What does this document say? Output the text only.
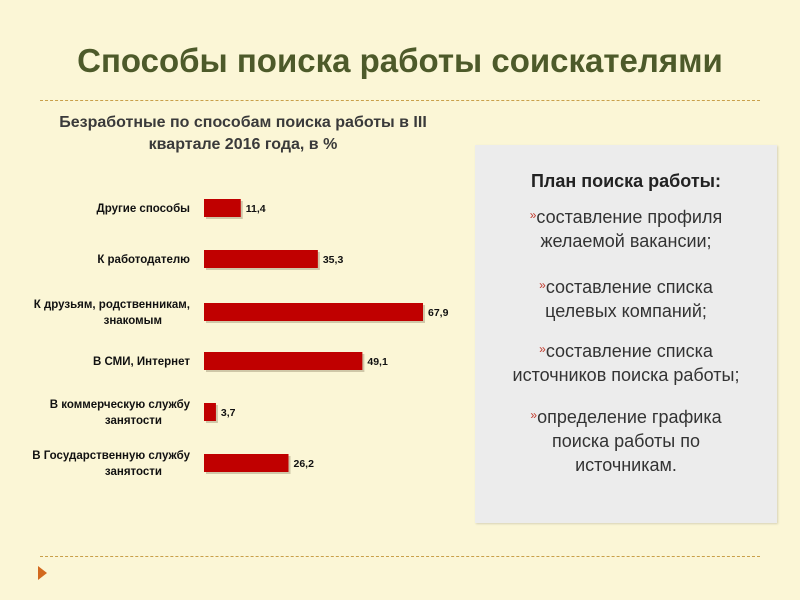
Способы поиска работы соискателями
Безработные по способам поиска работы в III квартале 2016 года, в %
11,4
Другие способы
35,3
К работодателю
67,9
К друзьям, родственникам, знакомым
49,1
В СМИ, Интернет
3,7
В коммерческую службу занятости
26,2
В Государственную службу занятости
План поиска работы:
»составление профиля
желаемой вакансии;
»составление списка
целевых компаний;
»составление списка
источников поиска работы;
»определение графика
поиска работы по
источникам.
